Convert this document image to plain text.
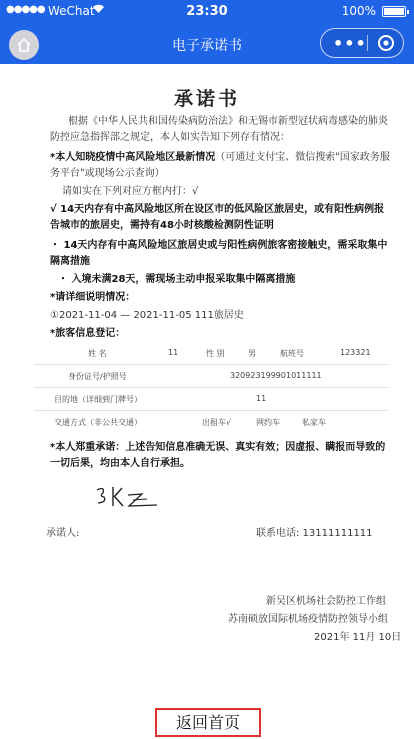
●●●●● WeChat	23:30	100%
电子承诺书	•••
承诺书
根据《中华人民共和国传染病防治法》和无锡市新型冠状病毒感染的肺炎防控应急指挥部之规定，本人如实告知下列存有情况：
*本人知晓疫情中高风险地区最新情况（可通过支付宝、微信搜索"国家政务服务平台"或现场公示查询）
请如实在下列对应方框内打：√
√ 14天内存有中高风险地区所在设区市的低风险区旅居史，或有阳性病例报告城市的旅居史，需持有48小时核酸检测阴性证明
・ 14天内存有中高风险地区旅居史或与阳性病例旅客密接触史，需采取集中隔离措施
・ 入境未满28天，需现场主动申报采取集中隔离措施
*请详细说明情况：
①2021-11-04 — 2021-11-05 111旅居史
*旅客信息登记：
姓 名	11	性 别	男	航班号	123321
身份证号/护照号	320923199901011111
目的地（详细到门牌号）	11
交通方式（非公共交通）	出租车√	网约车	私家车
*本人郑重承诺：上述告知信息准确无误、真实有效；因虚报、瞒报而导致的一切后果，均由本人自行承担。
承诺人:	联系电话: 13111111111
新吴区机场社会防控工作组
苏南硕放国际机场疫情防控领导小组
2021年 11月 10日
返回首页
